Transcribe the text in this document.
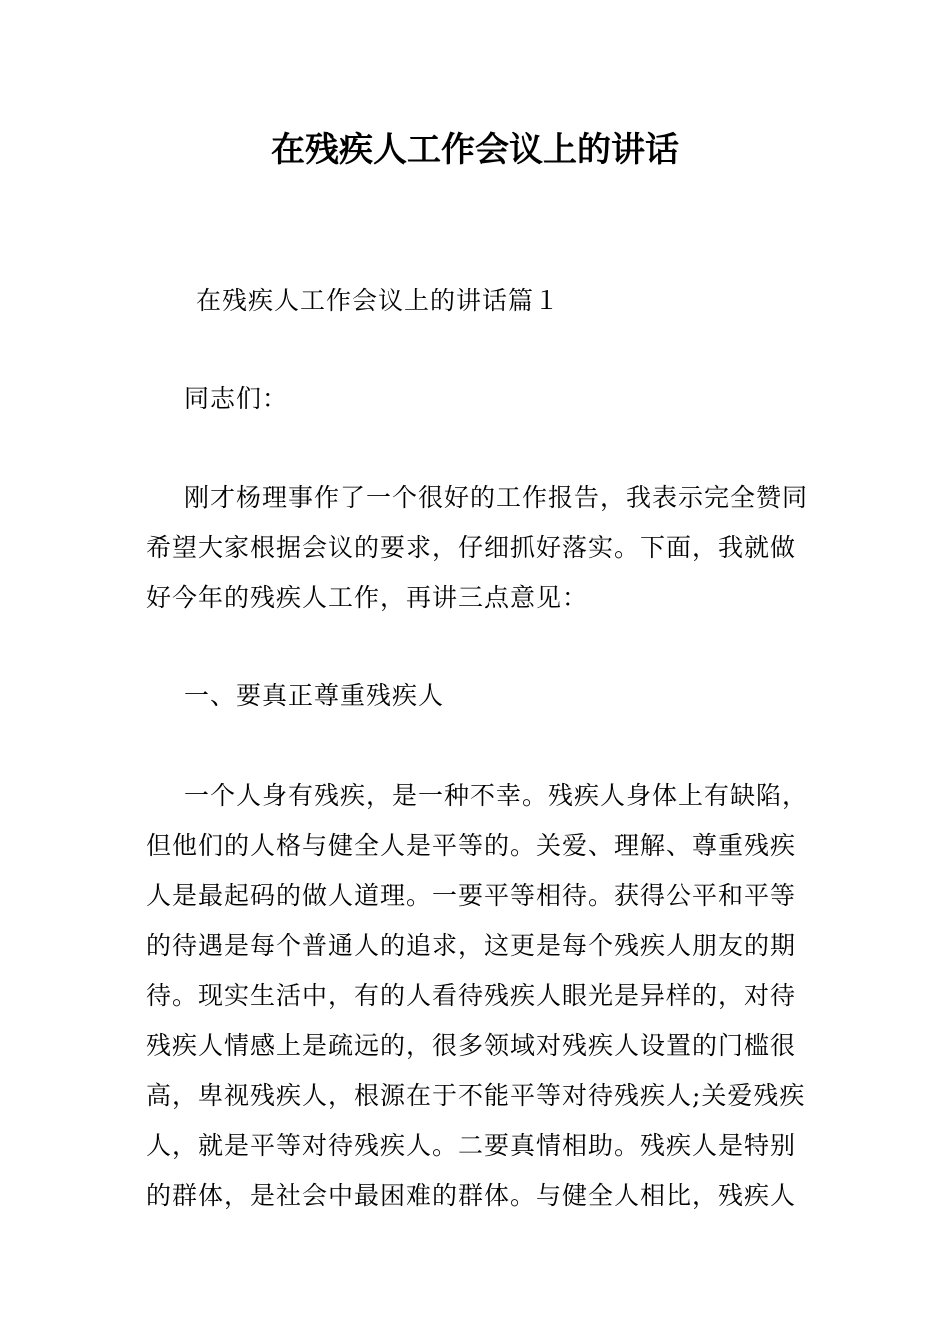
在残疾人工作会议上的讲话
在残疾人工作会议上的讲话篇１
同志们：
刚才杨理事作了一个很好的工作报告，我表示完全赞同
希望大家根据会议的要求，仔细抓好落实。下面，我就做
好今年的残疾人工作，再讲三点意见：
一、要真正尊重残疾人
一个人身有残疾，是一种不幸。残疾人身体上有缺陷，
但他们的人格与健全人是平等的。关爱、理解、尊重残疾
人是最起码的做人道理。一要平等相待。获得公平和平等
的待遇是每个普通人的追求，这更是每个残疾人朋友的期
待。现实生活中，有的人看待残疾人眼光是异样的，对待
残疾人情感上是疏远的，很多领域对残疾人设置的门槛很
高，卑视残疾人，根源在于不能平等对待残疾人;关爱残疾
人，就是平等对待残疾人。二要真情相助。残疾人是特别
的群体，是社会中最困难的群体。与健全人相比，残疾人
